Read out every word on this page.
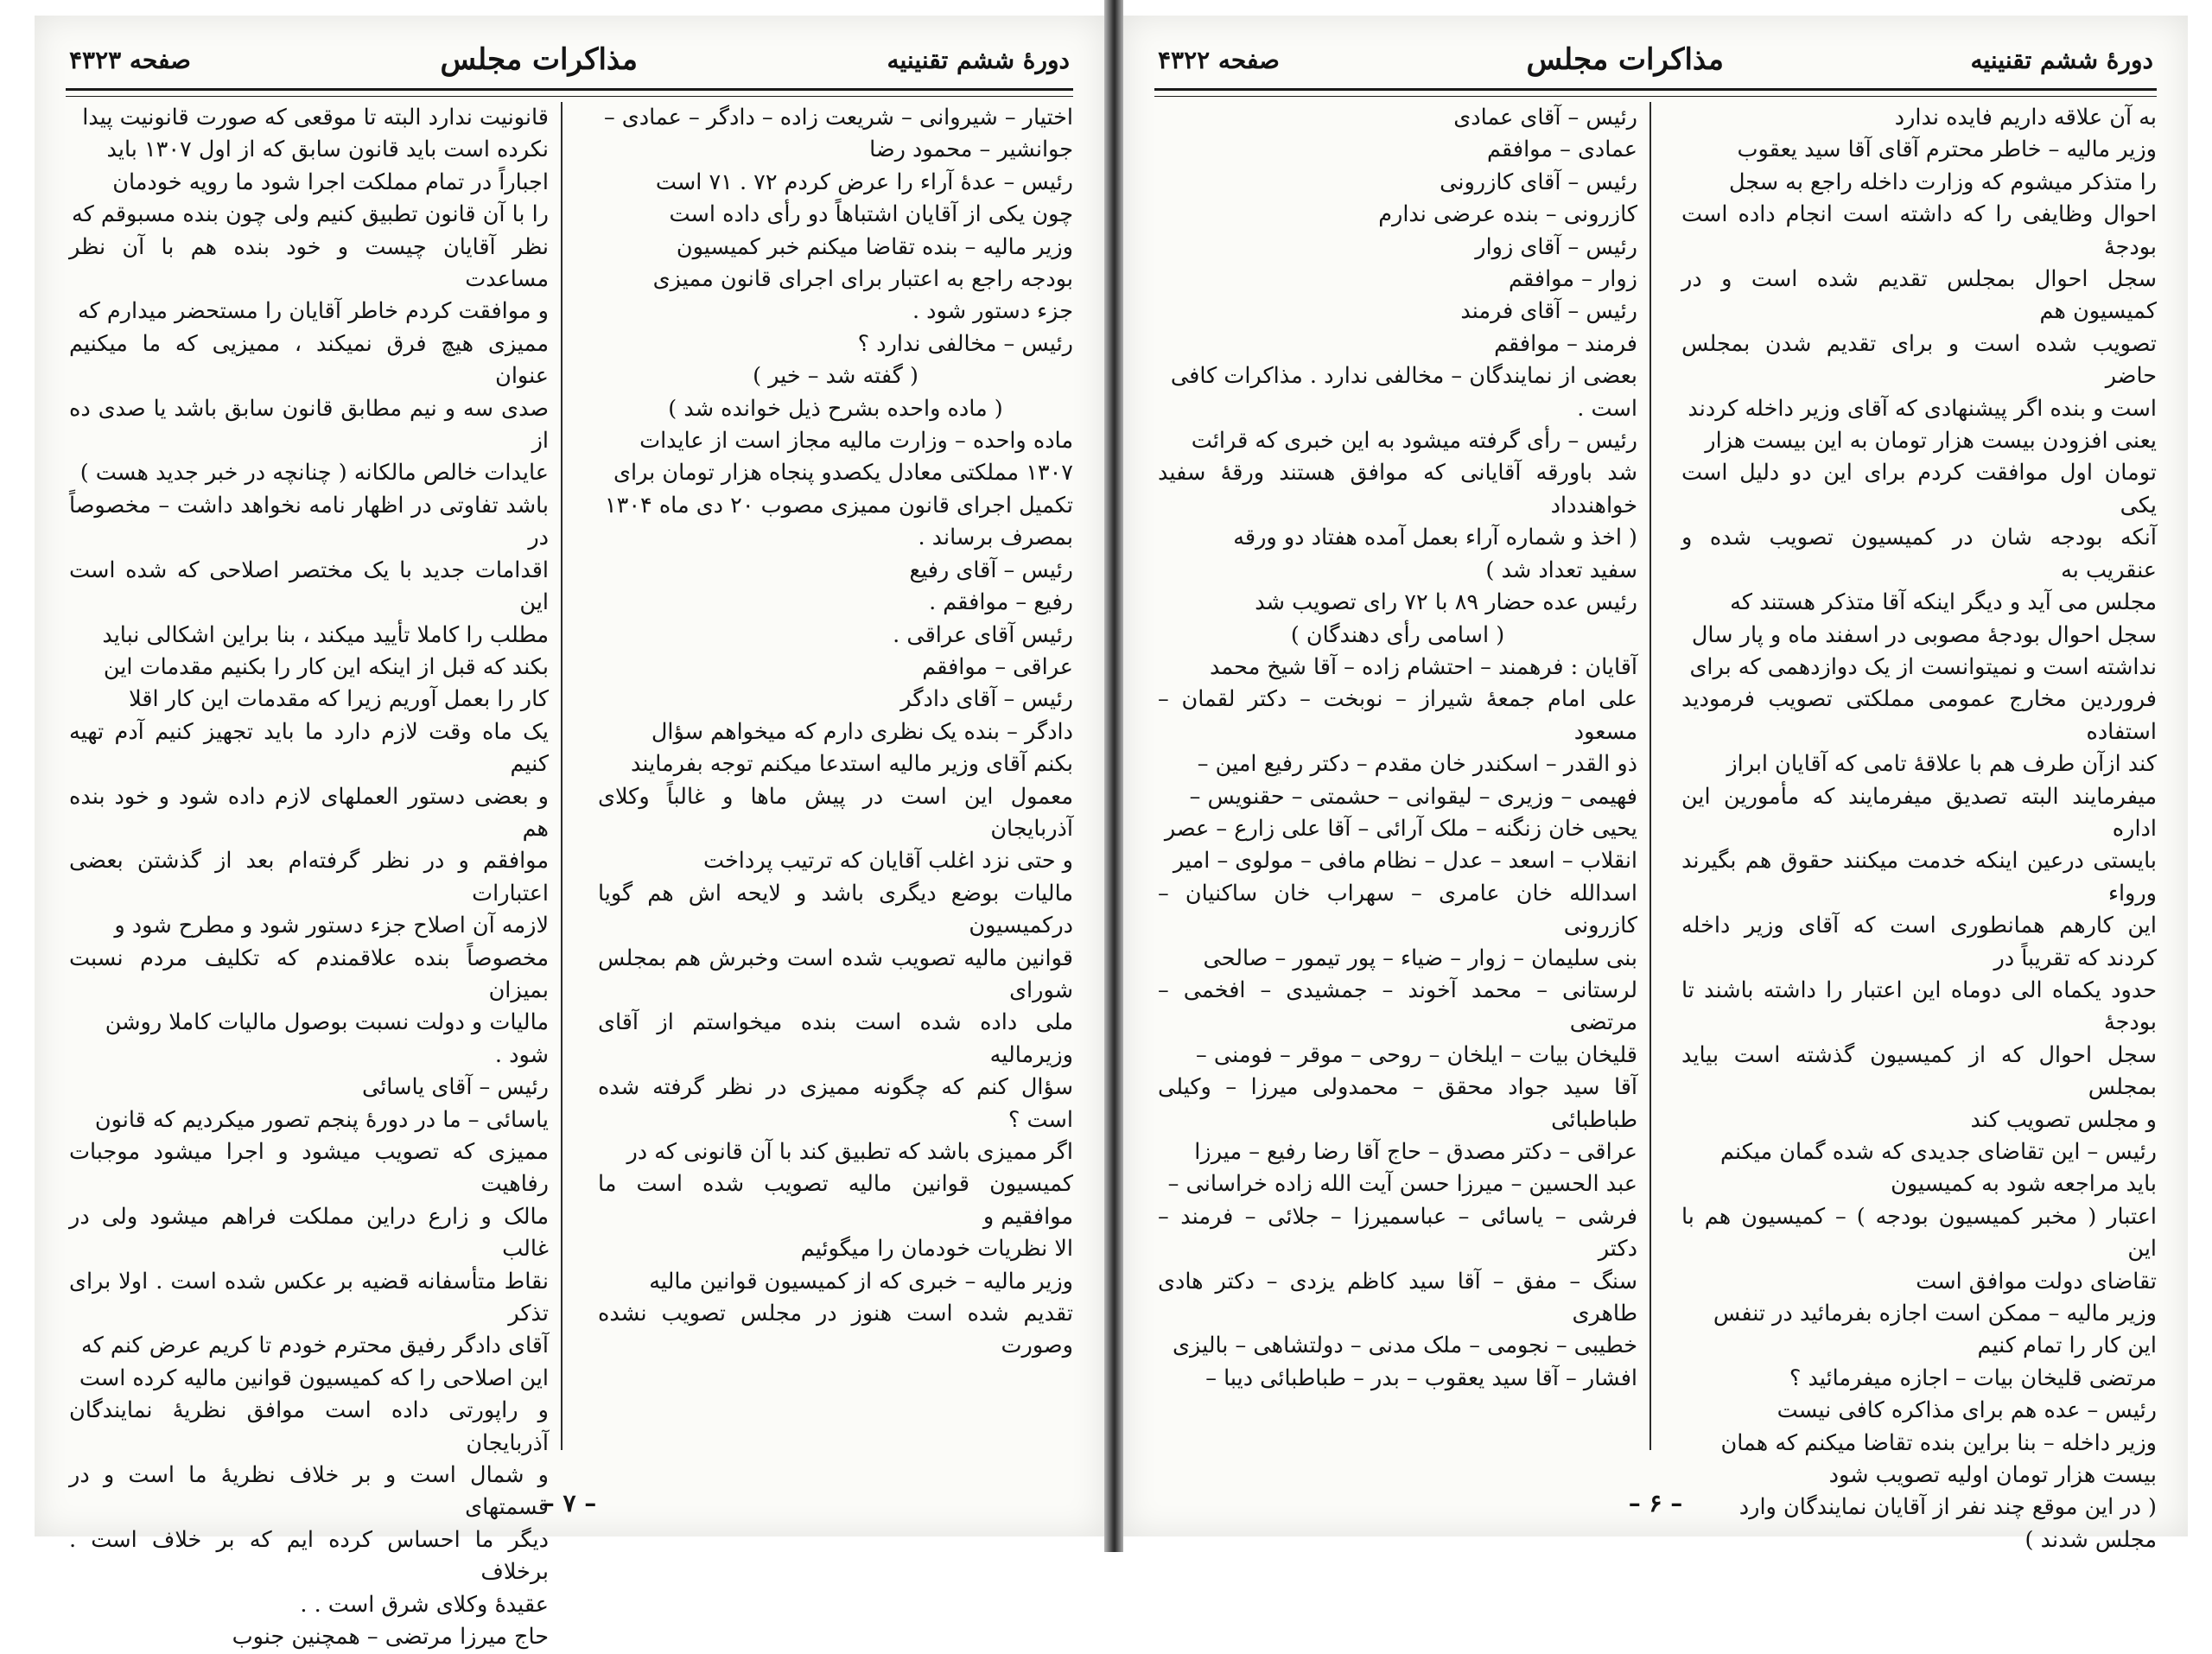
دورۀ ششم تقنینیه
مذاکرات مجلس
صفحه ۴۳۲۳

اختیار – شیروانی – شریعت زاده – دادگر – عمادی –

جوانشیر – محمود رضا

رئیس – عدۀ آراء را عرض کردم ۷۲ . ۷۱ است

چون یکی از آقایان اشتباهاً دو رأی داده است

وزیر مالیه – بنده تقاضا میکنم خبر کمیسیون

بودجه راجع به اعتبار برای اجرای قانون ممیزی

جزء دستور شود .

رئیس – مخالفی ندارد ؟

( گفته شد – خیر )

( ماده واحده بشرح ذیل خوانده شد )

ماده واحده – وزارت مالیه مجاز است از عایدات

۱۳۰۷ مملکتی معادل یکصدو پنجاه هزار تومان برای

تکمیل اجرای قانون ممیزی مصوب ۲۰ دی ماه ۱۳۰۴

بمصرف برساند .

رئیس – آقای رفیع

رفیع – موافقم .

رئیس آقای عراقی .

عراقی – موافقم

رئیس – آقای دادگر

دادگر – بنده یک نظری دارم که میخواهم سؤال

بکنم آقای وزیر مالیه استدعا میکنم توجه بفرمایند

معمول این است در پیش ماها و غالباً وکلای آذربایجان

و حتی نزد اغلب آقایان که ترتیب پرداخت

مالیات بوضع دیگری باشد و لایحه اش هم گویا درکمیسیون

قوانین مالیه تصویب شده است وخبرش هم بمجلس شورای

ملی داده شده است بنده میخواستم از آقای وزیرمالیه

سؤال کنم که چگونه ممیزی در نظر گرفته شده است ؟

اگر ممیزی باشد که تطبیق کند با آن قانونی که در

کمیسیون قوانین مالیه تصویب شده است ما موافقیم و

الا نظریات خودمان را میگوئیم

وزیر مالیه – خبری که از کمیسیون قوانین مالیه

تقدیم شده است هنوز در مجلس تصویب نشده وصورت

قانونیت ندارد البته تا موقعی که صورت قانونیت پیدا

نکرده است باید قانون سابق که از اول ۱۳۰۷ باید

اجباراً در تمام مملکت اجرا شود ما رویه خودمان

را با آن قانون تطبیق کنیم ولی چون بنده مسبوقم که

نظر آقایان چیست و خود بنده هم با آن نظر مساعدت

و موافقت کردم خاطر آقایان را مستحضر میدارم که

ممیزی هیچ فرق نمیکند ، ممیزیی که ما میکنیم عنوان

صدی سه و نیم مطابق قانون سابق باشد یا صدی ده از

عایدات خالص مالکانه ( چنانچه در خبر جدید هست )

باشد تفاوتی در اظهار نامه نخواهد داشت – مخصوصاً در

اقدامات جدید با یک مختصر اصلاحی که شده است این

مطلب را کاملا تأیید میکند ، بنا براین اشکالی نباید

بکند که قبل از اینکه این کار را بکنیم مقدمات این

کار را بعمل آوریم زیرا که مقدمات این کار اقلا

یک ماه وقت لازم دارد ما باید تجهیز کنیم آدم تهیه کنیم

و بعضی دستور العملهای لازم داده شود و خود بنده هم

موافقم و در نظر گرفته‌ام بعد از گذشتن بعضی اعتبارات

لازمه آن اصلاح جزء دستور شود و مطرح شود و

مخصوصاً بنده علاقمندم که تکلیف مردم نسبت بمیزان

مالیات و دولت نسبت بوصول مالیات کاملا روشن

شود .

رئیس – آقای یاسائی

یاسائی – ما در دورۀ پنجم تصور میکردیم که قانون

ممیزی که تصویب میشود و اجرا میشود موجبات رفاهیت

مالک و زارع دراین مملکت فراهم میشود ولی در غالب

نقاط متأسفانه قضیه بر عکس شده است . اولا برای تذکر

آقای دادگر رفیق محترم خودم تا کریم عرض کنم که

این اصلاحی را که کمیسیون قوانین مالیه کرده است

و راپورتی داده است موافق نظریۀ نمایندگان آذربایجان

و شمال است و بر خلاف نظریۀ ما است و در قسمتهای

دیگر ما احساس کرده ایم که بر خلاف است . برخلاف

عقیدۀ وکلای شرق است . .

حاج میرزا مرتضی – همچنین جنوب

– ۷ –
دورۀ ششم تقنینیه
مذاکرات مجلس
صفحه ۴۳۲۲

به آن علاقه داریم فایده ندارد

وزیر مالیه – خاطر محترم آقای آقا سید یعقوب

را متذکر میشوم که وزارت داخله راجع به سجل

احوال وظایفی را که داشته است انجام داده است بودجۀ

سجل احوال بمجلس تقدیم شده است و در کمیسیون هم

تصویب شده است و برای تقدیم شدن بمجلس حاضر

است و بنده اگر پیشنهادی که آقای وزیر داخله کردند

یعنی افزودن بیست هزار تومان به این بیست هزار

تومان اول موافقت کردم برای این دو دلیل است یکی

آنکه بودجه شان در کمیسیون تصویب شده و عنقریب به

مجلس می آید و دیگر اینکه آقا متذکر هستند که

سجل احوال بودجۀ مصوبی در اسفند ماه و پار سال

نداشته است و نمیتوانست از یک دوازدهمی که برای

فروردین مخارج عمومی مملکتی تصویب فرمودید استفاده

کند ازآن طرف هم با علاقۀ تامی که آقایان ابراز

میفرمایند البته تصدیق میفرمایند که مأمورین این اداره

بایستی درعین اینکه خدمت میکنند حقوق هم بگیرند ورواء

این کارهم همانطوری است که آقای وزیر داخله کردند که تقریباً در

حدود یکماه الی دوماه این اعتبار را داشته باشند تا بودجۀ

سجل احوال که از کمیسیون گذشته است بیاید بمجلس

و مجلس تصویب کند

رئیس – این تقاضای جدیدی که شده گمان میکنم

باید مراجعه شود به کمیسیون

اعتبار ( مخبر کمیسیون بودجه ) – کمیسیون هم با این

تقاضای دولت موافق است

وزیر مالیه – ممکن است اجازه بفرمائید در تنفس

این کار را تمام کنیم

مرتضی قلیخان بیات – اجازه میفرمائید ؟

رئیس – عده هم برای مذاکره کافی نیست

وزیر داخله – بنا براین بنده تقاضا میکنم که همان

بیست هزار تومان اولیه تصویب شود

( در این موقع چند نفر از آقایان نمایندگان وارد

مجلس شدند )

رئیس – آقای عمادی

عمادی – موافقم

رئیس – آقای کازرونی

کازرونی – بنده عرضی ندارم

رئیس – آقای زوار

زوار – موافقم

رئیس – آقای فرمند

فرمند – موافقم

بعضی از نمایندگان – مخالفی ندارد . مذاکرات کافی

است .

رئیس – رأی گرفته میشود به این خبری که قرائت

شد باورقه آقایانی که موافق هستند ورقۀ سفید خواهندداد

( اخذ و شماره آراء بعمل آمده هفتاد دو ورقه

سفید تعداد شد )

رئیس عده حضار ۸۹ با ۷۲ رای تصویب شد

( اسامی رأی دهندگان )

آقایان : فرهمند – احتشام زاده – آقا شیخ محمد

علی امام جمعۀ شیراز – نوبخت – دکتر لقمان – مسعود

ذو القدر – اسکندر خان مقدم – دکتر رفیع امین –

فهیمی – وزیری – لیقوانی – حشمتی – حقنویس –

یحیی خان زنگنه – ملک آرائی – آقا علی زارع – عصر

انقلاب – اسعد – عدل – نظام مافی – مولوی – امیر

اسدالله خان عامری – سهراب خان ساکنیان – کازرونی

بنی سلیمان – زوار – ضیاء – پور تیمور – صالحی

لرستانی – محمد آخوند – جمشیدی – افخمی – مرتضی

قلیخان بیات – ایلخان – روحی – موقر – فومنی –

آقا سید جواد محقق – محمدولی میرزا – وکیلی طباطبائی

عراقی – دکتر مصدق – حاج آقا رضا رفیع – میرزا

عبد الحسین – میرزا حسن آیت الله زاده خراسانی –

فرشی – یاسائی – عباسمیرزا – جلائی – فرمند – دکتر

سنگ – مفق – آقا سید کاظم یزدی – دکتر هادی طاهری

خطیبی – نجومی – ملک مدنی – دولتشاهی – بالیزی

افشار – آقا سید یعقوب – بدر – طباطبائی دیبا –

– ۶ –
